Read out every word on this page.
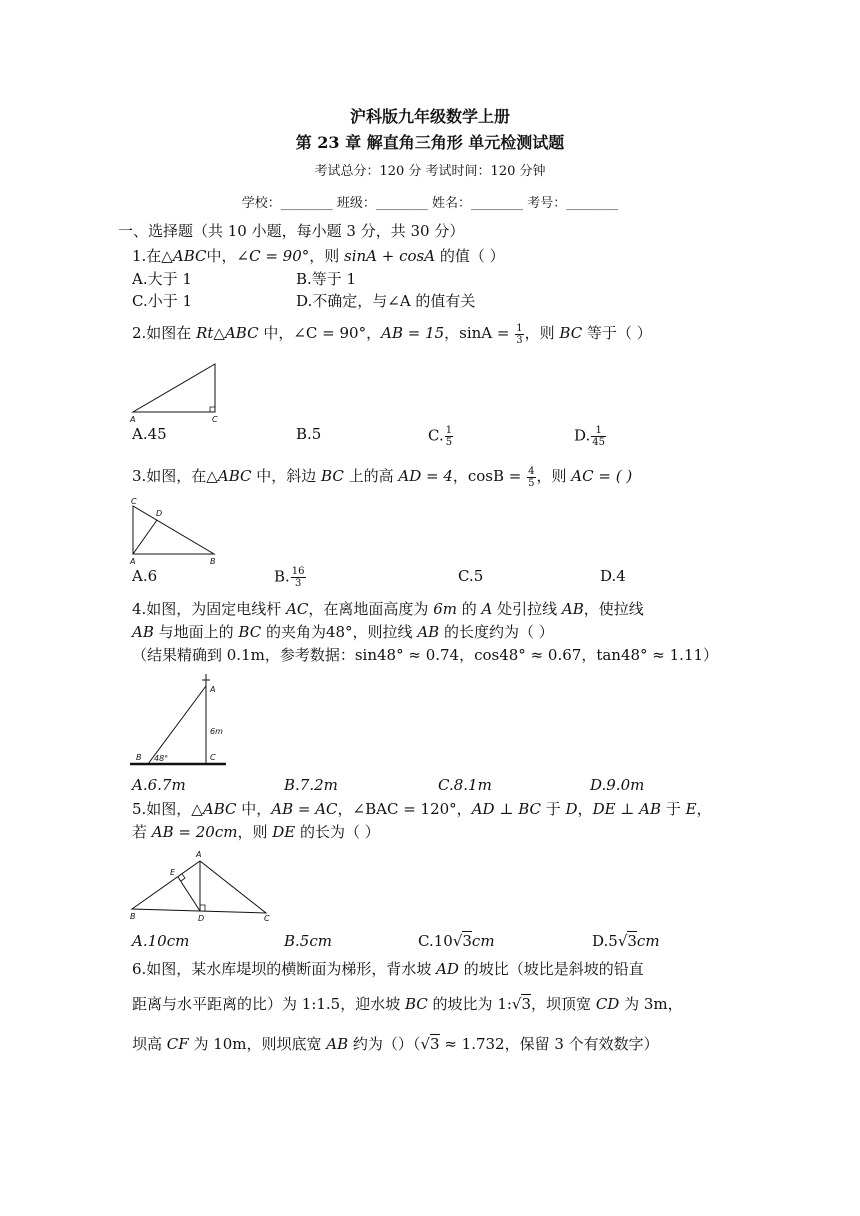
沪科版九年级数学上册
第 23 章 解直角三角形 单元检测试题
考试总分：120 分 考试时间：120 分钟
学校：________ 班级：________ 姓名：________ 考号：________
一、选择题（共 10 小题，每小题 3 分，共 30 分）
1.在△ABC中，∠C = 90°，则 sinA + cosA 的值（ ）
A.大于 1	B.等于 1
C.小于 1	D.不确定，与∠A 的值有关
2.如图在 Rt△ABC 中，∠C = 90°，AB = 15，$\sin A = \frac{1}{3}$ ，则 BC 等于（ ）
A	C
A.45	B.5	C. $\frac{1}{5}$	D. $\frac{1}{45}$
3.如图，在△ABC 中，斜边 BC 上的高 AD = 4，$\cos B = \frac{4}{5}$ ，则 AC = ( )
C
D
A	B
A.6	B. $\frac{16}{3}$	C.5	D.4
4.如图，为固定电线杆 AC，在离地面高度为 6m 的 A 处引拉线 AB，使拉线
AB 与地面上的 BC 的夹角为48°，则拉线 AB 的长度约为（ ）
（结果精确到 0.1m，参考数据：sin48° ≈ 0.74，cos48° ≈ 0.67，tan48° ≈ 1.11）
A
6m
C
B 48°
A.6.7m	B.7.2m	C.8.1m	D.9.0m
5.如图，△ABC 中，AB = AC，∠BAC = 120°，AD ⊥ BC 于 D，DE ⊥ AB 于 E，
若 AB = 20cm，则 DE 的长为（ ）
A
E
B	D	C
A.10cm	B.5cm	C.10√3cm	D.5√3cm
6.如图，某水库堤坝的横断面为梯形，背水坡 AD 的坡比（坡比是斜坡的铅直
距离与水平距离的比）为 1:1.5，迎水坡 BC 的坡比为 1:√3，坝顶宽 CD 为 3m，
坝高 CF 为 10m，则坝底宽 AB 约为（）（√3 ≈ 1.732，保留 3 个有效数字）
